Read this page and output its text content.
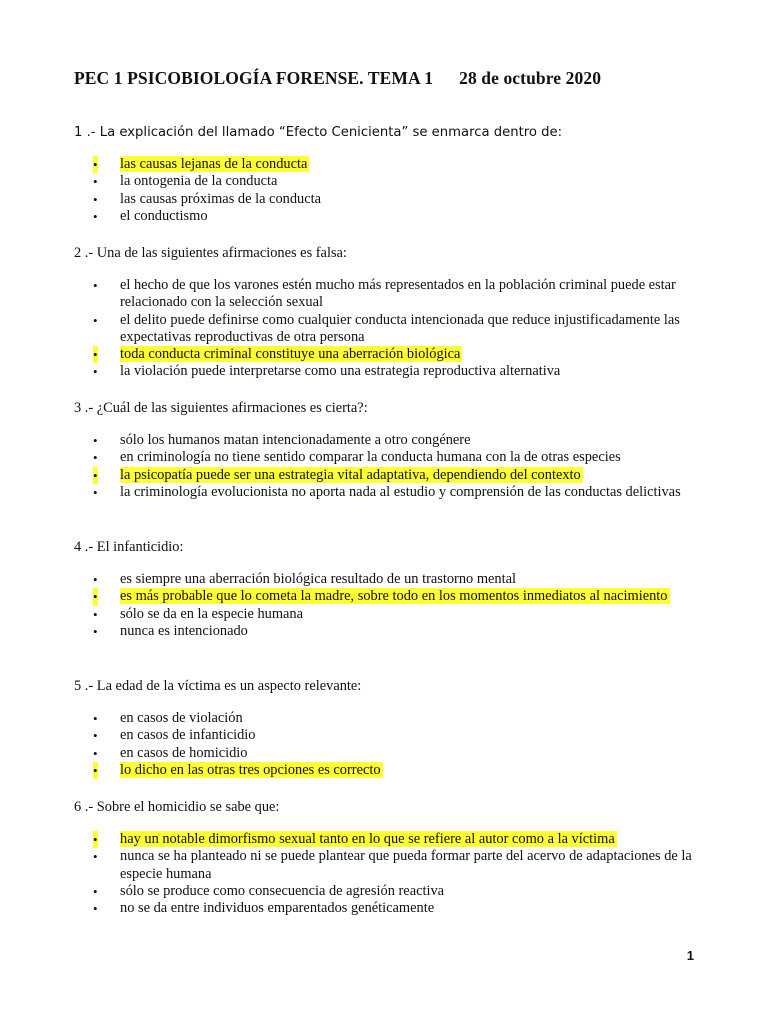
PEC 1 PSICOBIOLOGÍA FORENSE. TEMA 1 28 de octubre 2020

1 .- La explicación del llamado “Efecto Cenicienta” se enmarca dentro de:

• las causas lejanas de la conducta
• la ontogenia de la conducta
• las causas próximas de la conducta
• el conductismo

2 .- Una de las siguientes afirmaciones es falsa:

• el hecho de que los varones estén mucho más representados en la población criminal puede estar relacionado con la selección sexual
• el delito puede definirse como cualquier conducta intencionada que reduce injustificadamente las expectativas reproductivas de otra persona
• toda conducta criminal constituye una aberración biológica
• la violación puede interpretarse como una estrategia reproductiva alternativa

3 .- ¿Cuál de las siguientes afirmaciones es cierta?:

• sólo los humanos matan intencionadamente a otro congénere
• en criminología no tiene sentido comparar la conducta humana con la de otras especies
• la psicopatía puede ser una estrategia vital adaptativa, dependiendo del contexto
• la criminología evolucionista no aporta nada al estudio y comprensión de las conductas delictivas

4 .- El infanticidio:

• es siempre una aberración biológica resultado de un trastorno mental
• es más probable que lo cometa la madre, sobre todo en los momentos inmediatos al nacimiento
• sólo se da en la especie humana
• nunca es intencionado

5 .- La edad de la víctima es un aspecto relevante:

• en casos de violación
• en casos de infanticidio
• en casos de homicidio
• lo dicho en las otras tres opciones es correcto

6 .- Sobre el homicidio se sabe que:

• hay un notable dimorfismo sexual tanto en lo que se refiere al autor como a la víctima
• nunca se ha planteado ni se puede plantear que pueda formar parte del acervo de adaptaciones de la especie humana
• sólo se produce como consecuencia de agresión reactiva
• no se da entre individuos emparentados genéticamente
1
